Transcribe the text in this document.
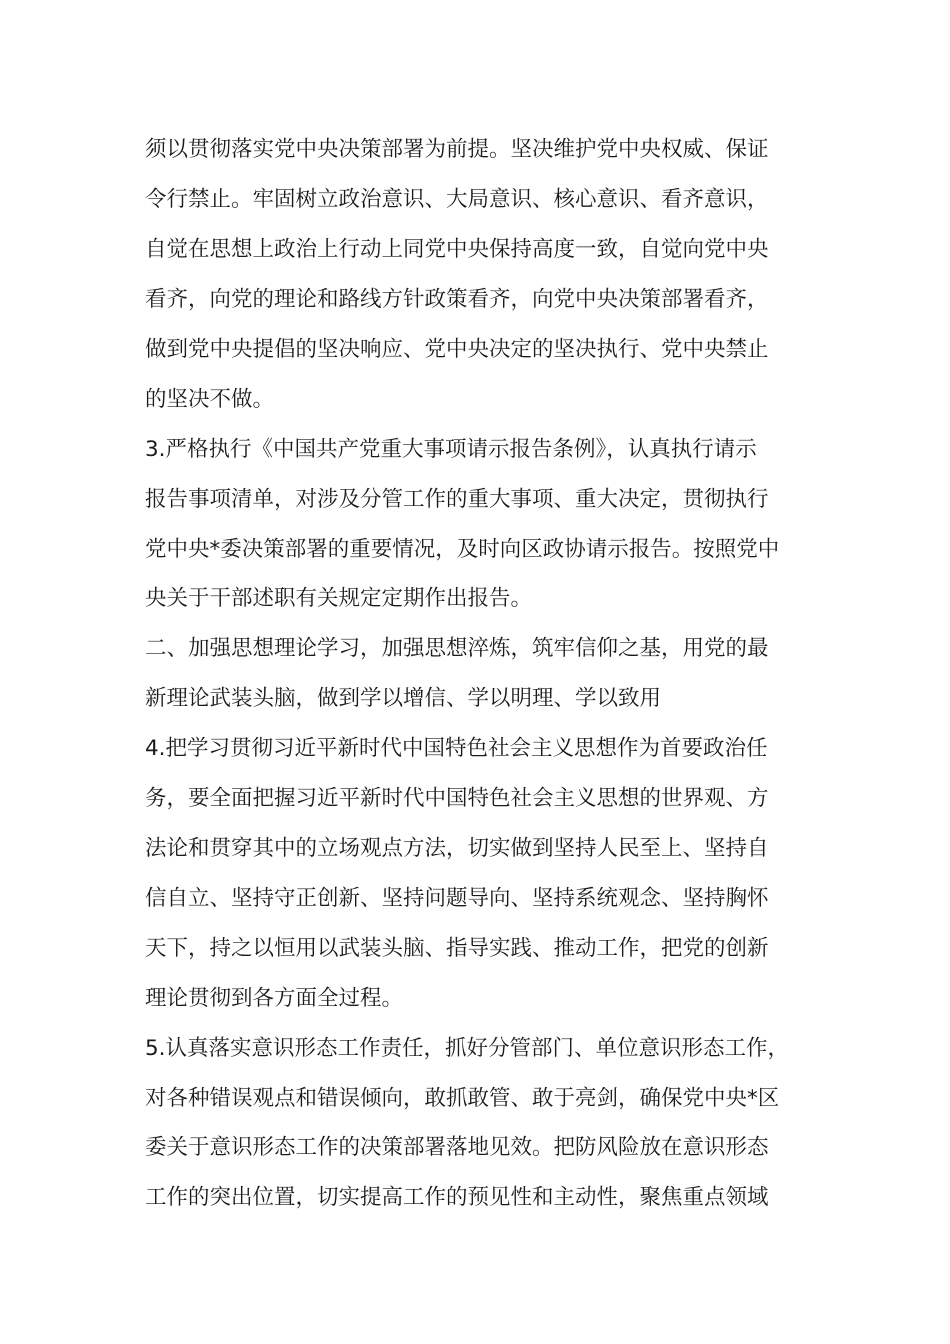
须以贯彻落实党中央决策部署为前提。坚决维护党中央权威、保证

令行禁止。牢固树立政治意识、大局意识、核心意识、看齐意识，

自觉在思想上政治上行动上同党中央保持高度一致，自觉向党中央

看齐，向党的理论和路线方针政策看齐，向党中央决策部署看齐，

做到党中央提倡的坚决响应、党中央决定的坚决执行、党中央禁止

的坚决不做。

3.严格执行《中国共产党重大事项请示报告条例》，认真执行请示

报告事项清单，对涉及分管工作的重大事项、重大决定，贯彻执行

党中央*委决策部署的重要情况，及时向区政协请示报告。按照党中

央关于干部述职有关规定定期作出报告。

二、加强思想理论学习，加强思想淬炼，筑牢信仰之基，用党的最

新理论武装头脑，做到学以增信、学以明理、学以致用

4.把学习贯彻习近平新时代中国特色社会主义思想作为首要政治任

务，要全面把握习近平新时代中国特色社会主义思想的世界观、方

法论和贯穿其中的立场观点方法，切实做到坚持人民至上、坚持自

信自立、坚持守正创新、坚持问题导向、坚持系统观念、坚持胸怀

天下，持之以恒用以武装头脑、指导实践、推动工作，把党的创新

理论贯彻到各方面全过程。

5.认真落实意识形态工作责任，抓好分管部门、单位意识形态工作，

对各种错误观点和错误倾向，敢抓敢管、敢于亮剑，确保党中央*区

委关于意识形态工作的决策部署落地见效。把防风险放在意识形态

工作的突出位置，切实提高工作的预见性和主动性，聚焦重点领域
